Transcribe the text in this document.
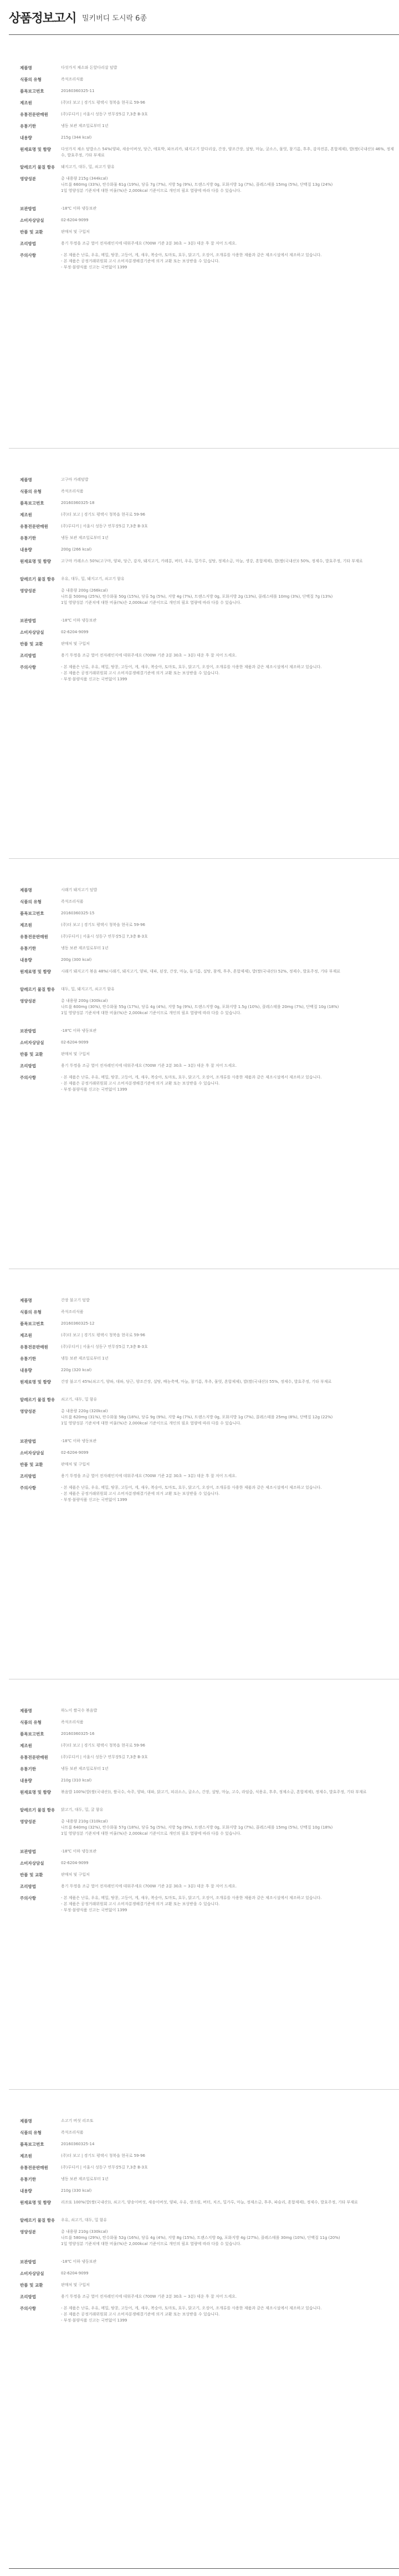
상품정보고시 밀키버디 도시락 6종
제품명	다섯가지 채소와 돈앞다리살 덮밥
식품의 유형	즉석조리식품
품목보고번호	20160360325-11
제조원	(주)더 보고 | 경기도 평택시 청북읍 현곡로 59-96
유통전문판매원	(주)루디커 | 서울시 성동구 연무장5길 7,3층 B-3호
유통기한	냉동 보관 제조일로부터 1년
내용량	215g (344 kcal)
원재료명 및 함량	다섯가지 채소 덮밥소스 54%(양파, 새송이버섯, 당근, 애호박, 파프리카, 돼지고기 앞다리살, 간장, 양조간장, 설탕, 마늘, 굴소스, 물엿, 참기름, 후추, 감자전분, 혼합제제), 밥(쌀(국내산)) 46%, 정제수, 발효주정, 기타 부재료
알레르기 물질 함유	돼지고기, 대두, 밀, 쇠고기 함유
영양성분	총 내용량 215g (344kcal)
나트륨 660mg (33%), 탄수화물 61g (19%), 당류 7g (7%), 지방 5g (9%), 트랜스지방 0g, 포화지방 1g (7%), 콜레스테롤 15mg (5%), 단백질 13g (24%)
1일 영양성분 기준치에 대한 비율(%)은 2,000kcal 기준이므로 개인의 필요 열량에 따라 다를 수 있습니다.
보관방법	-18℃ 이하 냉동보관
소비자상담실	02-6204-9099
반품 및 교환	판매처 및 구입처
조리방법	용기 뚜껑을 조금 열어 전자레인지에 데워주세요 (700W 기준 2분 30초 ~ 3분) 데운 후 잘 저어 드세요.
주의사항	- 본 제품은 난류, 우유, 메밀, 땅콩, 고등어, 게, 새우, 복숭아, 토마토, 호두, 닭고기, 오징어, 조개류를 사용한 제품과 같은 제조시설에서 제조하고 있습니다.
- 본 제품은 공정거래위원회 고시 소비자분쟁해결기준에 의거 교환 또는 보상받을 수 있습니다.
- 부정·불량식품 신고는 국번없이 1399
제품명	고구마 카레덮밥
식품의 유형	즉석조리식품
품목보고번호	20160360325-18
제조원	(주)더 보고 | 경기도 평택시 청북읍 현곡로 59-96
유통전문판매원	(주)루디커 | 서울시 성동구 연무장5길 7,3층 B-3호
유통기한	냉동 보관 제조일로부터 1년
내용량	200g (266 kcal)
원재료명 및 함량	고구마 카레소스 50%(고구마, 양파, 당근, 감자, 돼지고기, 카레분, 버터, 우유, 밀가루, 설탕, 정제소금, 마늘, 생강, 혼합제제), 밥(쌀(국내산)) 50%, 정제수, 발효주정, 기타 부재료
알레르기 물질 함유	우유, 대두, 밀, 돼지고기, 쇠고기 함유
영양성분	총 내용량 200g (266kcal)
나트륨 500mg (25%), 탄수화물 50g (15%), 당류 5g (5%), 지방 4g (7%), 트랜스지방 0g, 포화지방 2g (13%), 콜레스테롤 10mg (3%), 단백질 7g (13%)
1일 영양성분 기준치에 대한 비율(%)은 2,000kcal 기준이므로 개인의 필요 열량에 따라 다를 수 있습니다.
보관방법	-18℃ 이하 냉동보관
소비자상담실	02-6204-9099
반품 및 교환	판매처 및 구입처
조리방법	용기 뚜껑을 조금 열어 전자레인지에 데워주세요 (700W 기준 2분 30초 ~ 3분) 데운 후 잘 저어 드세요.
주의사항	- 본 제품은 난류, 우유, 메밀, 땅콩, 고등어, 게, 새우, 복숭아, 토마토, 호두, 닭고기, 오징어, 조개류를 사용한 제품과 같은 제조시설에서 제조하고 있습니다.
- 본 제품은 공정거래위원회 고시 소비자분쟁해결기준에 의거 교환 또는 보상받을 수 있습니다.
- 부정·불량식품 신고는 국번없이 1399
제품명	시래기 돼지고기 덮밥
식품의 유형	즉석조리식품
품목보고번호	20160360325-15
제조원	(주)더 보고 | 경기도 평택시 청북읍 현곡로 59-96
유통전문판매원	(주)루디커 | 서울시 성동구 연무장5길 7,3층 B-3호
유통기한	냉동 보관 제조일로부터 1년
내용량	200g (300 kcal)
원재료명 및 함량	시래기 돼지고기 볶음 48%(시래기, 돼지고기, 양파, 대파, 된장, 간장, 마늘, 들기름, 설탕, 참깨, 후추, 혼합제제), 밥(쌀(국내산)) 52%, 정제수, 발효주정, 기타 부재료
알레르기 물질 함유	대두, 밀, 돼지고기, 쇠고기 함유
영양성분	총 내용량 200g (300kcal)
나트륨 600mg (30%), 탄수화물 55g (17%), 당류 4g (4%), 지방 5g (9%), 트랜스지방 0g, 포화지방 1.5g (10%), 콜레스테롤 20mg (7%), 단백질 10g (18%)
1일 영양성분 기준치에 대한 비율(%)은 2,000kcal 기준이므로 개인의 필요 열량에 따라 다를 수 있습니다.
보관방법	-18℃ 이하 냉동보관
소비자상담실	02-6204-9099
반품 및 교환	판매처 및 구입처
조리방법	용기 뚜껑을 조금 열어 전자레인지에 데워주세요 (700W 기준 2분 30초 ~ 3분) 데운 후 잘 저어 드세요.
주의사항	- 본 제품은 난류, 우유, 메밀, 땅콩, 고등어, 게, 새우, 복숭아, 토마토, 호두, 닭고기, 오징어, 조개류를 사용한 제품과 같은 제조시설에서 제조하고 있습니다.
- 본 제품은 공정거래위원회 고시 소비자분쟁해결기준에 의거 교환 또는 보상받을 수 있습니다.
- 부정·불량식품 신고는 국번없이 1399
제품명	간장 불고기 덮밥
식품의 유형	즉석조리식품
품목보고번호	20160360325-12
제조원	(주)더 보고 | 경기도 평택시 청북읍 현곡로 59-96
유통전문판매원	(주)루디커 | 서울시 성동구 연무장5길 7,3층 B-3호
유통기한	냉동 보관 제조일로부터 1년
내용량	220g (320 kcal)
원재료명 및 함량	간장 불고기 45%(쇠고기, 양파, 대파, 당근, 양조간장, 설탕, 배농축액, 마늘, 참기름, 후추, 물엿, 혼합제제), 밥(쌀(국내산)) 55%, 정제수, 발효주정, 기타 부재료
알레르기 물질 함유	쇠고기, 대두, 밀 함유
영양성분	총 내용량 220g (320kcal)
나트륨 620mg (31%), 탄수화물 58g (18%), 당류 9g (9%), 지방 4g (7%), 트랜스지방 0g, 포화지방 1g (7%), 콜레스테롤 25mg (8%), 단백질 12g (22%)
1일 영양성분 기준치에 대한 비율(%)은 2,000kcal 기준이므로 개인의 필요 열량에 따라 다를 수 있습니다.
보관방법	-18℃ 이하 냉동보관
소비자상담실	02-6204-9099
반품 및 교환	판매처 및 구입처
조리방법	용기 뚜껑을 조금 열어 전자레인지에 데워주세요 (700W 기준 2분 30초 ~ 3분) 데운 후 잘 저어 드세요.
주의사항	- 본 제품은 난류, 우유, 메밀, 땅콩, 고등어, 게, 새우, 복숭아, 토마토, 호두, 닭고기, 오징어, 조개류를 사용한 제품과 같은 제조시설에서 제조하고 있습니다.
- 본 제품은 공정거래위원회 고시 소비자분쟁해결기준에 의거 교환 또는 보상받을 수 있습니다.
- 부정·불량식품 신고는 국번없이 1399
제품명	하노이 쌀국수 볶음밥
식품의 유형	즉석조리식품
품목보고번호	20160360325-16
제조원	(주)더 보고 | 경기도 평택시 청북읍 현곡로 59-96
유통전문판매원	(주)루디커 | 서울시 성동구 연무장5길 7,3층 B-3호
유통기한	냉동 보관 제조일로부터 1년
내용량	210g (310 kcal)
원재료명 및 함량	볶음밥 100%(밥(쌀(국내산)), 쌀국수, 숙주, 양파, 대파, 닭고기, 피쉬소스, 굴소스, 간장, 설탕, 마늘, 고수, 라임즙, 식용유, 후추, 정제소금, 혼합제제), 정제수, 발효주정, 기타 부재료
알레르기 물질 함유	닭고기, 대두, 밀, 굴 함유
영양성분	총 내용량 210g (310kcal)
나트륨 640mg (32%), 탄수화물 57g (18%), 당류 5g (5%), 지방 5g (9%), 트랜스지방 0g, 포화지방 1g (7%), 콜레스테롤 15mg (5%), 단백질 10g (18%)
1일 영양성분 기준치에 대한 비율(%)은 2,000kcal 기준이므로 개인의 필요 열량에 따라 다를 수 있습니다.
보관방법	-18℃ 이하 냉동보관
소비자상담실	02-6204-9099
반품 및 교환	판매처 및 구입처
조리방법	용기 뚜껑을 조금 열어 전자레인지에 데워주세요 (700W 기준 2분 30초 ~ 3분) 데운 후 잘 저어 드세요.
주의사항	- 본 제품은 난류, 우유, 메밀, 땅콩, 고등어, 게, 새우, 복숭아, 토마토, 호두, 닭고기, 오징어, 조개류를 사용한 제품과 같은 제조시설에서 제조하고 있습니다.
- 본 제품은 공정거래위원회 고시 소비자분쟁해결기준에 의거 교환 또는 보상받을 수 있습니다.
- 부정·불량식품 신고는 국번없이 1399
제품명	소고기 버섯 리조또
식품의 유형	즉석조리식품
품목보고번호	20160360325-14
제조원	(주)더 보고 | 경기도 평택시 청북읍 현곡로 59-96
유통전문판매원	(주)루디커 | 서울시 성동구 연무장5길 7,3층 B-3호
유통기한	냉동 보관 제조일로부터 1년
내용량	210g (330 kcal)
원재료명 및 함량	리조또 100%(밥(쌀(국내산)), 쇠고기, 양송이버섯, 새송이버섯, 양파, 우유, 생크림, 버터, 치즈, 밀가루, 마늘, 정제소금, 후추, 파슬리, 혼합제제), 정제수, 발효주정, 기타 부재료
알레르기 물질 함유	우유, 쇠고기, 대두, 밀 함유
영양성분	총 내용량 210g (330kcal)
나트륨 580mg (29%), 탄수화물 52g (16%), 당류 4g (4%), 지방 8g (15%), 트랜스지방 0g, 포화지방 4g (27%), 콜레스테롤 30mg (10%), 단백질 11g (20%)
1일 영양성분 기준치에 대한 비율(%)은 2,000kcal 기준이므로 개인의 필요 열량에 따라 다를 수 있습니다.
보관방법	-18℃ 이하 냉동보관
소비자상담실	02-6204-9099
반품 및 교환	판매처 및 구입처
조리방법	용기 뚜껑을 조금 열어 전자레인지에 데워주세요 (700W 기준 2분 30초 ~ 3분) 데운 후 잘 저어 드세요.
주의사항	- 본 제품은 난류, 우유, 메밀, 땅콩, 고등어, 게, 새우, 복숭아, 토마토, 호두, 닭고기, 오징어, 조개류를 사용한 제품과 같은 제조시설에서 제조하고 있습니다.
- 본 제품은 공정거래위원회 고시 소비자분쟁해결기준에 의거 교환 또는 보상받을 수 있습니다.
- 부정·불량식품 신고는 국번없이 1399
